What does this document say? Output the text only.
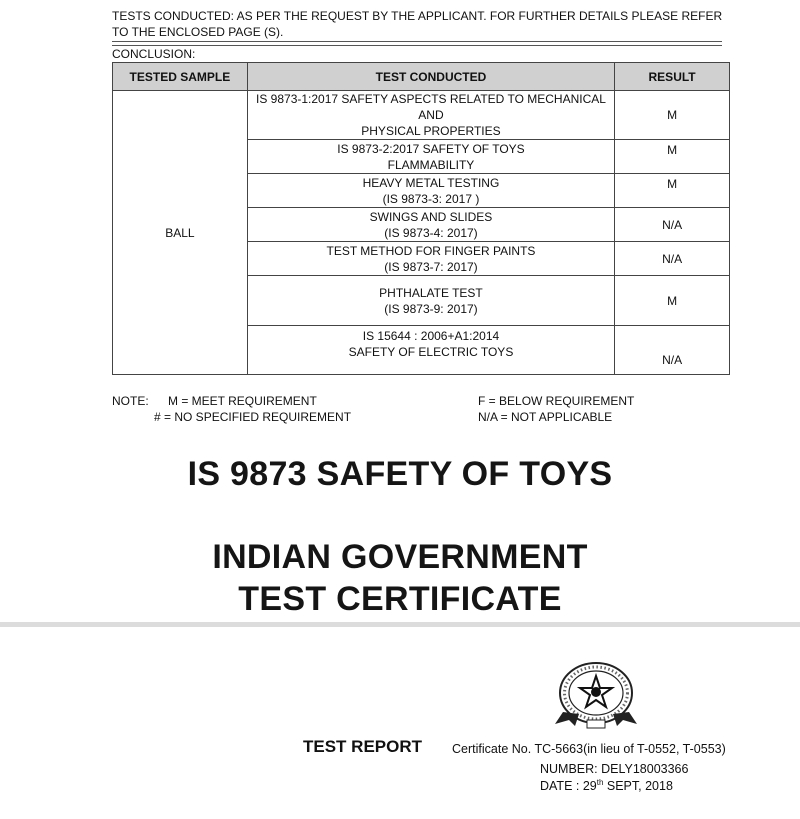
TESTS CONDUCTED: AS PER THE REQUEST BY THE APPLICANT. FOR FURTHER DETAILS PLEASE REFER TO THE ENCLOSED PAGE (S).
CONCLUSION:
TESTED SAMPLE	TEST CONDUCTED	RESULT
BALL	IS 9873-1:2017 SAFETY ASPECTS RELATED TO MECHANICAL AND
PHYSICAL PROPERTIES	M

	IS 9873-2:2017 SAFETY OF TOYS
FLAMMABILITY	M

	HEAVY METAL TESTING
(IS 9873-3: 2017 )	M

	SWINGS AND SLIDES
(IS 9873-4: 2017)	N/A

	TEST METHOD FOR FINGER PAINTS
(IS 9873-7: 2017)	N/A

	PHTHALATE TEST
(IS 9873-9: 2017)	M

	IS 15644 : 2006+A1:2014
SAFETY OF ELECTRIC TOYS	N/A
NOTE: M = MEET REQUIREMENT
# = NO SPECIFIED REQUIREMENT
F = BELOW REQUIREMENT
N/A = NOT APPLICABLE
IS 9873 SAFETY OF TOYS
INDIAN GOVERNMENT
TEST CERTIFICATE
TEST REPORT Certificate No. TC-5663(in lieu of T-0552, T-0553)
NUMBER: DELY18003366
DATE : 29th SEPT, 2018
